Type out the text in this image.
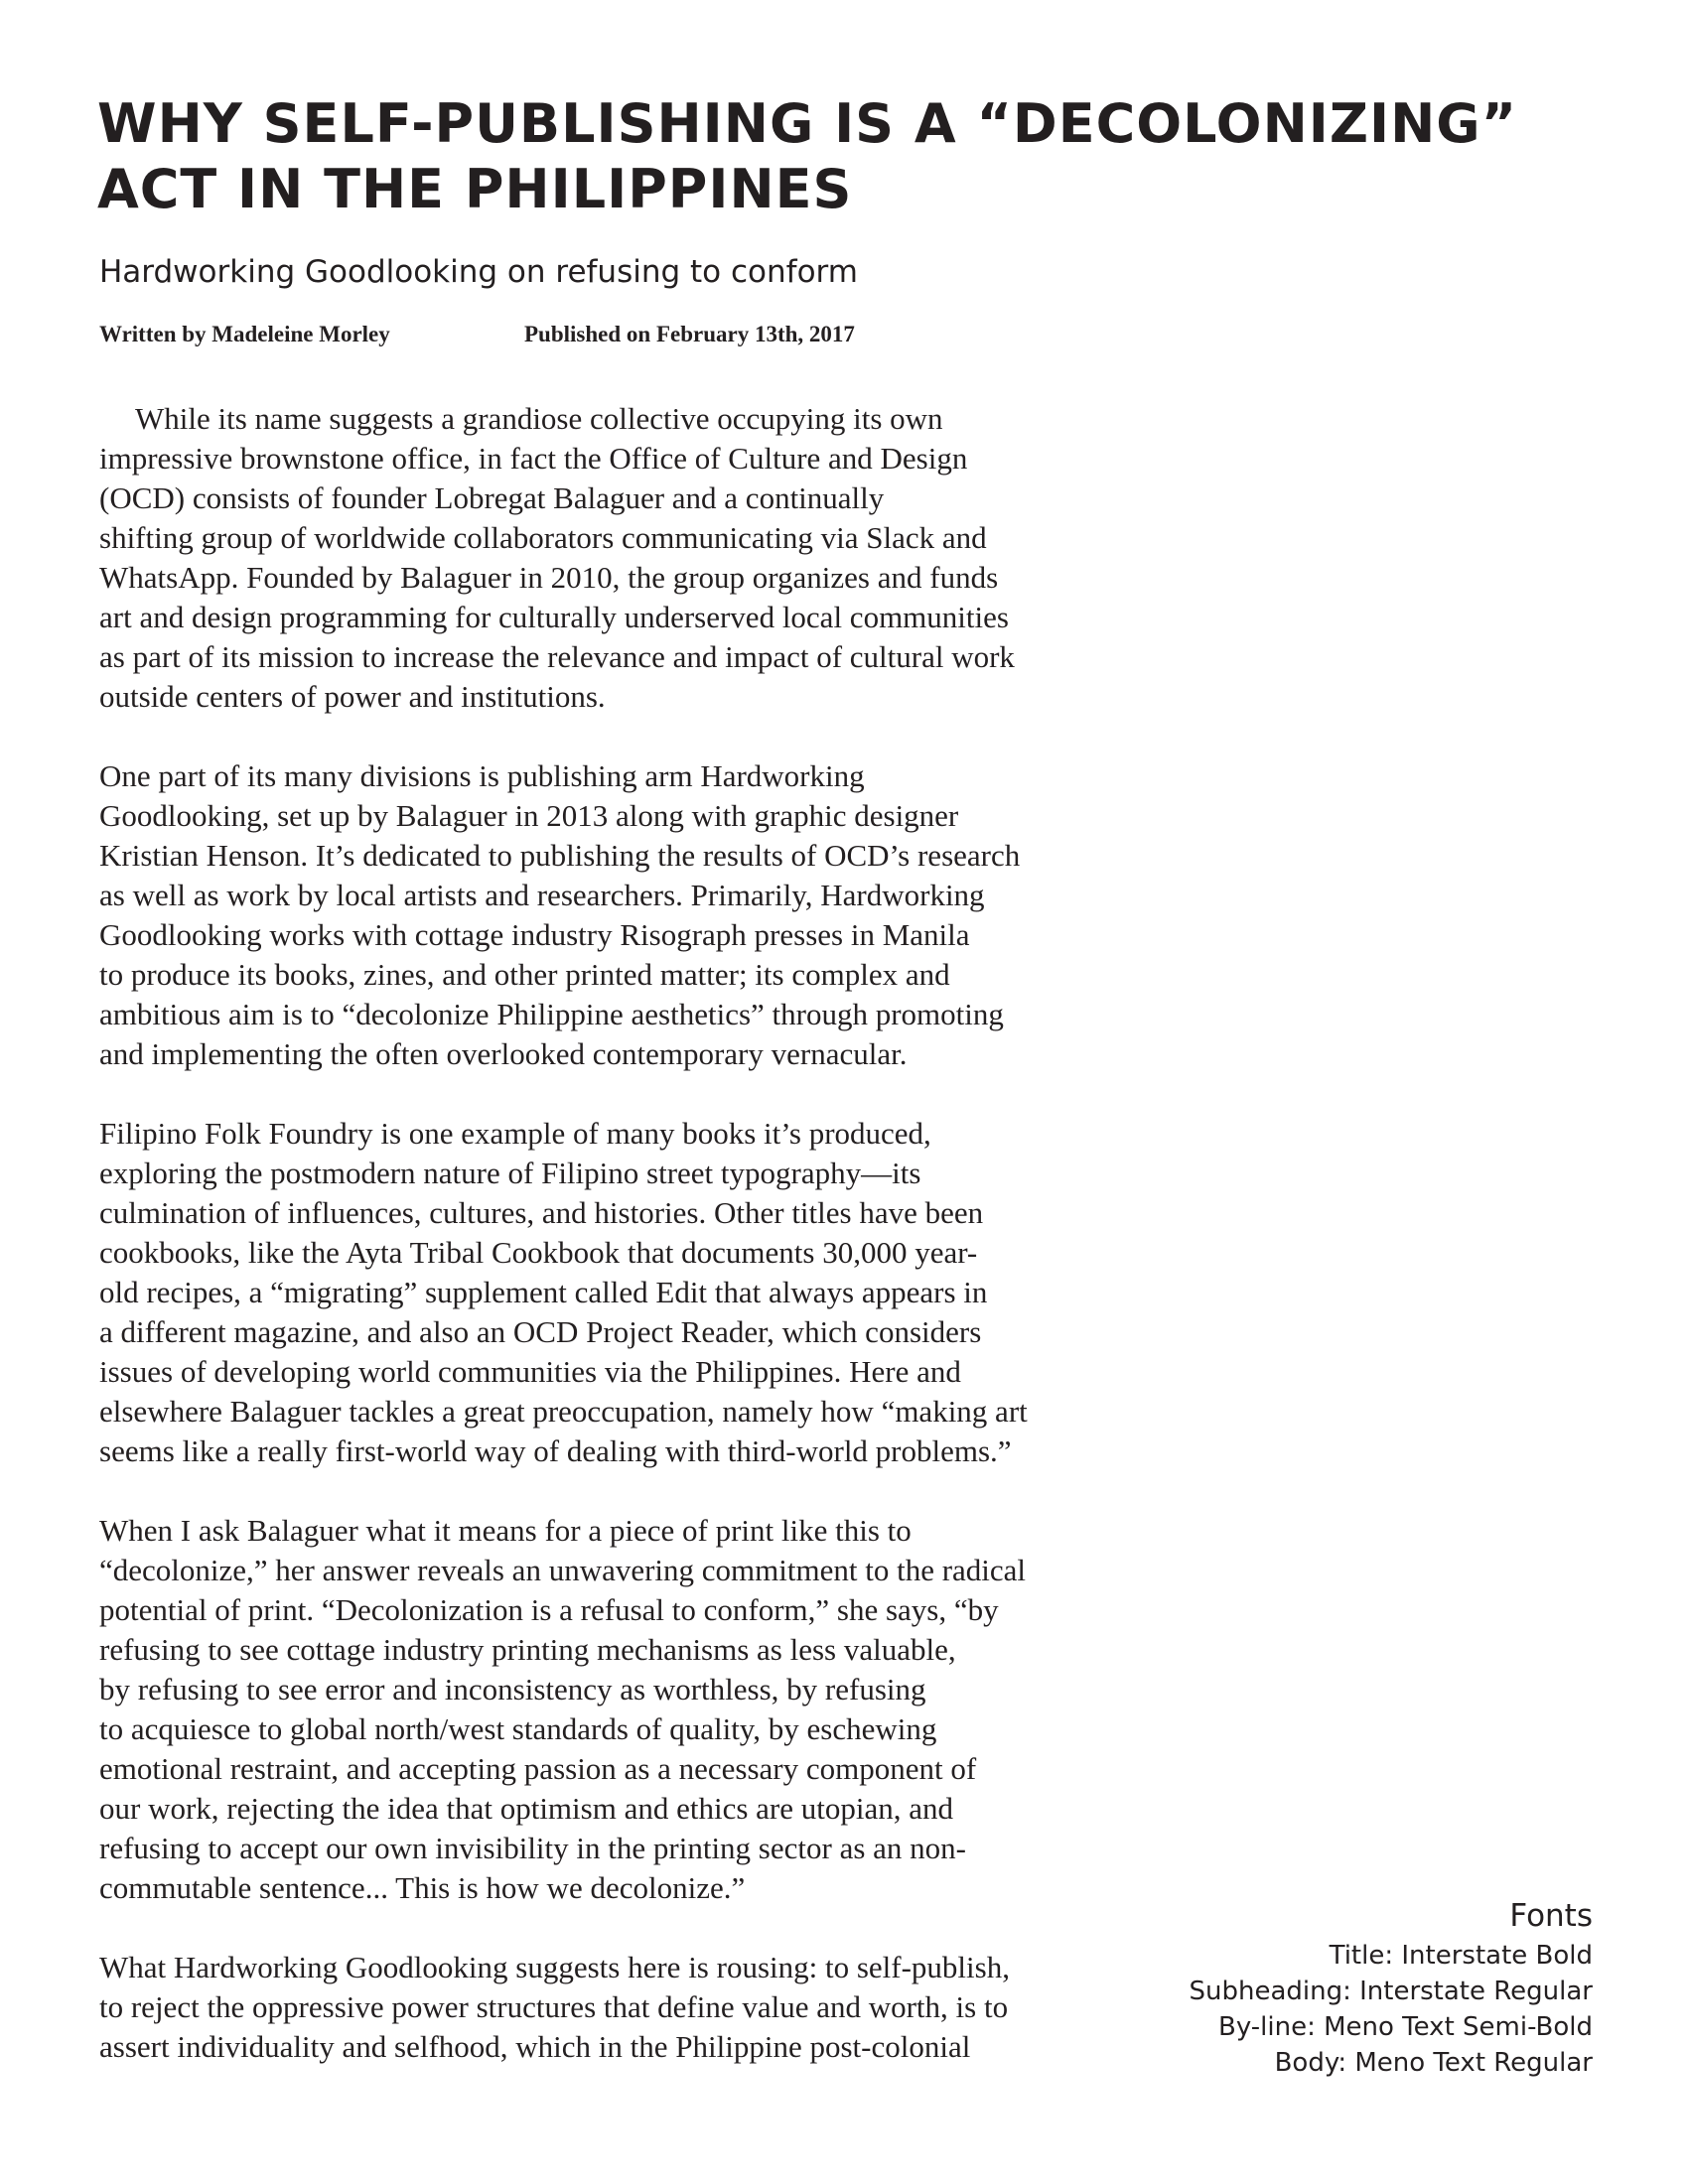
WHY SELF-PUBLISHING IS A “DECOLONIZING”
ACT IN THE PHILIPPINES
Hardworking Goodlooking on refusing to conform

Written by Madeleine Morley	Published on February 13th, 2017

While its name suggests a grandiose collective occupying its own
impressive brownstone office, in fact the Office of Culture and Design
(OCD) consists of founder Lobregat Balaguer and a continually
shifting group of worldwide collaborators communicating via Slack and
WhatsApp. Founded by Balaguer in 2010, the group organizes and funds
art and design programming for culturally underserved local communities
as part of its mission to increase the relevance and impact of cultural work
outside centers of power and institutions.

One part of its many divisions is publishing arm Hardworking
Goodlooking, set up by Balaguer in 2013 along with graphic designer
Kristian Henson. It’s dedicated to publishing the results of OCD’s research
as well as work by local artists and researchers. Primarily, Hardworking
Goodlooking works with cottage industry Risograph presses in Manila
to produce its books, zines, and other printed matter; its complex and
ambitious aim is to “decolonize Philippine aesthetics” through promoting
and implementing the often overlooked contemporary vernacular.

Filipino Folk Foundry is one example of many books it’s produced,
exploring the postmodern nature of Filipino street typography—its
culmination of influences, cultures, and histories. Other titles have been
cookbooks, like the Ayta Tribal Cookbook that documents 30,000 year-
old recipes, a “migrating” supplement called Edit that always appears in
a different magazine, and also an OCD Project Reader, which considers
issues of developing world communities via the Philippines. Here and
elsewhere Balaguer tackles a great preoccupation, namely how “making art
seems like a really first-world way of dealing with third-world problems.”

When I ask Balaguer what it means for a piece of print like this to
“decolonize,” her answer reveals an unwavering commitment to the radical
potential of print. “Decolonization is a refusal to conform,” she says, “by
refusing to see cottage industry printing mechanisms as less valuable,
by refusing to see error and inconsistency as worthless, by refusing
to acquiesce to global north/west standards of quality, by eschewing
emotional restraint, and accepting passion as a necessary component of
our work, rejecting the idea that optimism and ethics are utopian, and
refusing to accept our own invisibility in the printing sector as an non-
commutable sentence... This is how we decolonize.”

What Hardworking Goodlooking suggests here is rousing: to self-publish,
to reject the oppressive power structures that define value and worth, is to
assert individuality and selfhood, which in the Philippine post-colonial

Fonts
Title: Interstate Bold
Subheading: Interstate Regular
By-line: Meno Text Semi-Bold
Body: Meno Text Regular
